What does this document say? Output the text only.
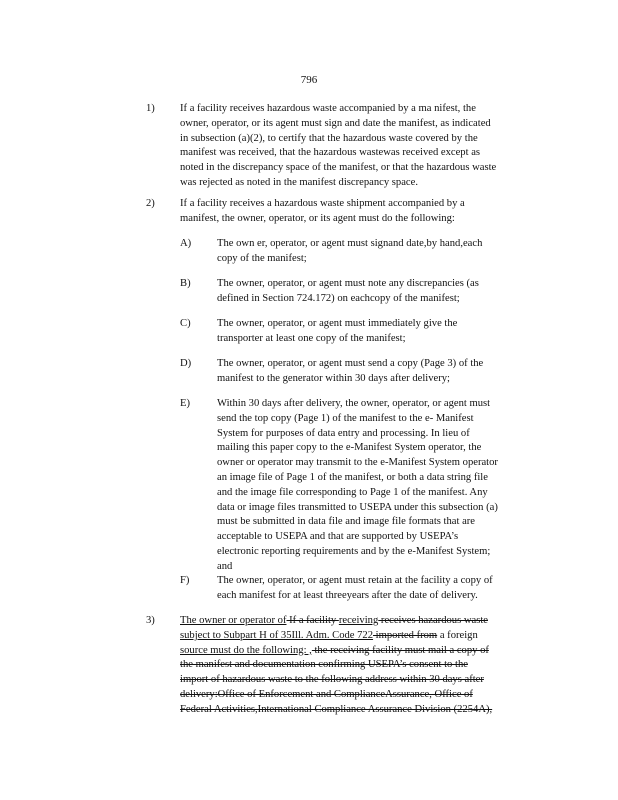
796
1) If a facility receives hazardous waste accompanied by a ma nifest, the
owner, operator, or its agent must sign and date the manifest, as indicated
in subsection (a)(2), to certify that the hazardous waste covered by the
manifest was received, that the hazardous wastewas received except as
noted in the discrepancy space of the manifest, or that the hazardous waste
was rejected as noted in the manifest discrepancy space.
2) If a facility receives a hazardous waste shipment accompanied by a
manifest, the owner, operator, or its agent must do the following:
A) The own er, operator, or agent must signand date,by hand,each
copy of the manifest;
B) The owner, operator, or agent must note any discrepancies (as
defined in Section 724.172) on eachcopy of the manifest;
C) The owner, operator, or agent must immediately give the
transporter at least one copy of the manifest;
D) The owner, operator, or agent must send a copy (Page 3) of the
manifest to the generator within 30 days after delivery;
E)	Within 30 days after delivery, the owner, operator, or agent must
send the top copy (Page 1) of the manifest to the e- Manifest
System for purposes of data entry and processing. In lieu of
mailing this paper copy to the e-Manifest System operator, the
owner or operator may transmit to the e-Manifest System operator
an image file of Page 1 of the manifest, or both a data string file
and the image file corresponding to Page 1 of the manifest. Any
data or image files transmitted to USEPA under this subsection (a)
must be submitted in data file and image file formats that are
acceptable to USEPA and that are supported by USEPA’s
electronic reporting requirements and by the e-Manifest System;
and
F)	The owner, operator, or agent must retain at the facility a copy of
each manifest for at least threeyears after the date of delivery.
3) The owner or operator of If a facility receiving receives hazardous waste
subject to Subpart H of 35Ill. Adm. Code 722 imported from a foreign
source must do the following: , the receiving facility must mail a copy of
the manifest and documentation confirming USEPA’s consent to the
import of hazardous waste to the following address within 30 days after
delivery:Office of Enforcement and ComplianceAssurance, Office of
Federal Activities,International Compliance Assurance Division (2254A),
